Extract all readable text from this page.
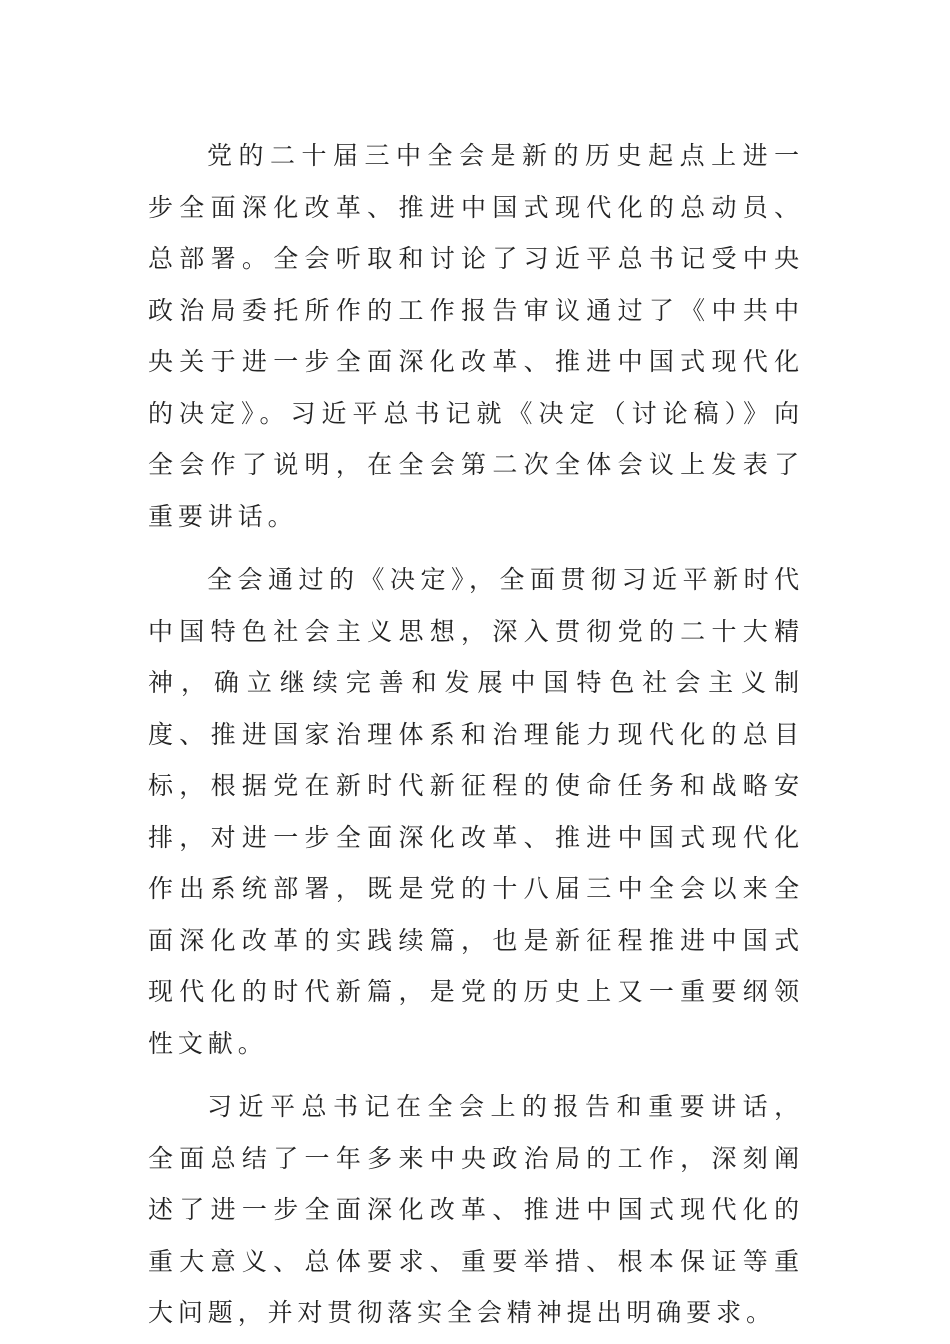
党的二十届三中全会是新的历史起点上进一步全面深化改革、推进中国式现代化的总动员、总部署。全会听取和讨论了习近平总书记受中央政治局委托所作的工作报告审议通过了《中共中央关于进一步全面深化改革、推进中国式现代化的决定》。习近平总书记就《决定（讨论稿）》向全会作了说明，在全会第二次全体会议上发表了重要讲话。

全会通过的《决定》，全面贯彻习近平新时代中国特色社会主义思想，深入贯彻党的二十大精神，确立继续完善和发展中国特色社会主义制度、推进国家治理体系和治理能力现代化的总目标，根据党在新时代新征程的使命任务和战略安排，对进一步全面深化改革、推进中国式现代化作出系统部署，既是党的十八届三中全会以来全面深化改革的实践续篇，也是新征程推进中国式现代化的时代新篇，是党的历史上又一重要纲领性文献。

习近平总书记在全会上的报告和重要讲话，全面总结了一年多来中央政治局的工作，深刻阐述了进一步全面深化改革、推进中国式现代化的重大意义、总体要求、重要举措、根本保证等重大问题，并对贯彻落实全会精神提出明确要求。
